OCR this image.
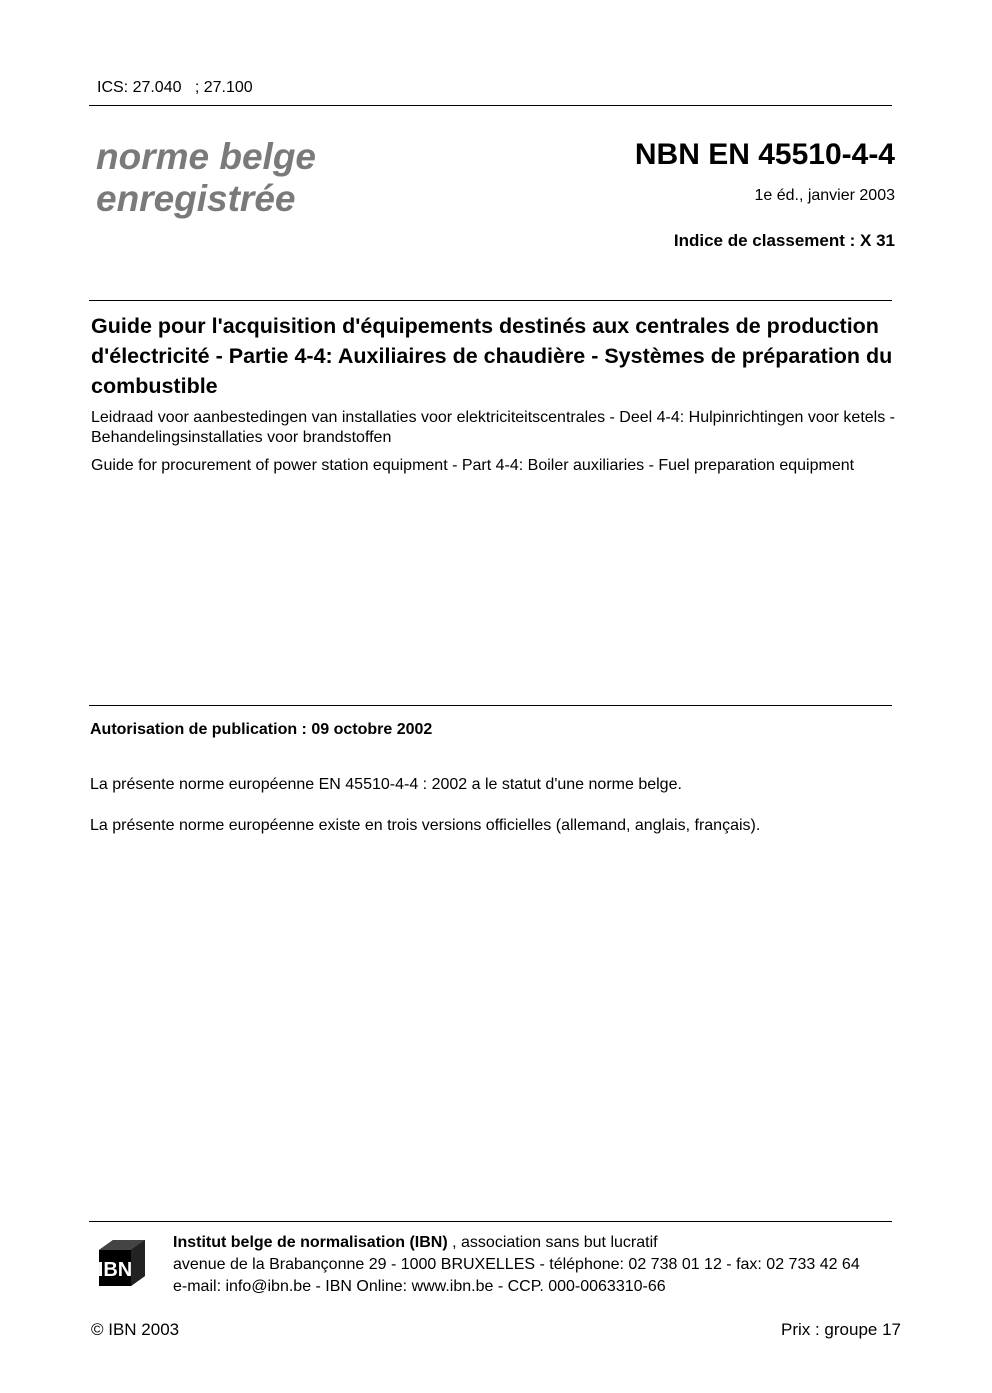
ICS: 27.040   ; 27.100
norme belge
enregistrée
NBN EN 45510-4-4
1e éd., janvier 2003
Indice de classement : X 31
Guide pour l'acquisition d'équipements destinés aux centrales de production d'électricité - Partie 4-4: Auxiliaires de chaudière - Systèmes de préparation du combustible
Leidraad voor aanbestedingen van installaties voor elektriciteitscentrales - Deel 4-4: Hulpinrichtingen voor ketels - Behandelingsinstallaties voor brandstoffen
Guide for procurement of power station equipment - Part 4-4: Boiler auxiliaries - Fuel preparation equipment
Autorisation de publication : 09 octobre 2002
La présente norme européenne EN 45510-4-4 : 2002 a le statut d'une norme belge.
La présente norme européenne existe en trois versions officielles (allemand, anglais, français).
IBN
Institut belge de normalisation (IBN) , association sans but lucratif
avenue de la Brabançonne 29 - 1000 BRUXELLES - téléphone: 02 738 01 12 - fax: 02 733 42 64
e-mail: info@ibn.be - IBN Online: www.ibn.be - CCP. 000-0063310-66
© IBN 2003	Prix : groupe 17
